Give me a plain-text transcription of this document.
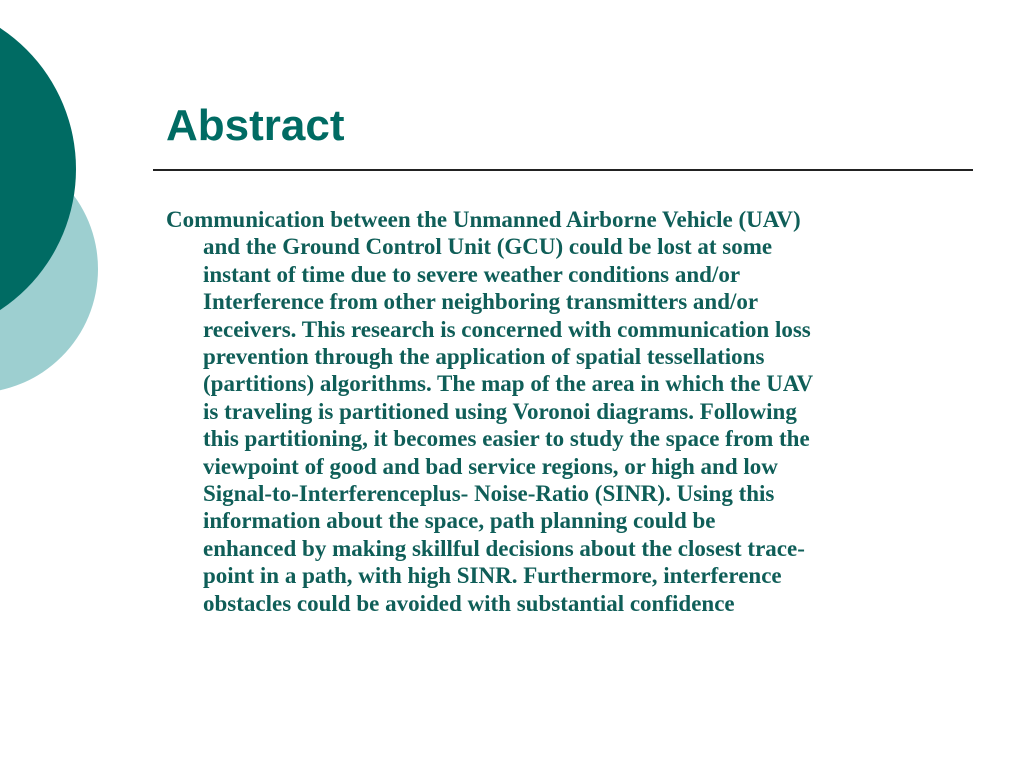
Abstract

Communication between the Unmanned Airborne Vehicle (UAV)
and the Ground Control Unit (GCU) could be lost at some
instant of time due to severe weather conditions and/or
Interference from other neighboring transmitters and/or
receivers. This research is concerned with communication loss
prevention through the application of spatial tessellations
(partitions) algorithms. The map of the area in which the UAV
is traveling is partitioned using Voronoi diagrams. Following
this partitioning, it becomes easier to study the space from the
viewpoint of good and bad service regions, or high and low
Signal-to-Interferenceplus- Noise-Ratio (SINR). Using this
information about the space, path planning could be
enhanced by making skillful decisions about the closest trace-
point in a path, with high SINR. Furthermore, interference
obstacles could be avoided with substantial confidence
